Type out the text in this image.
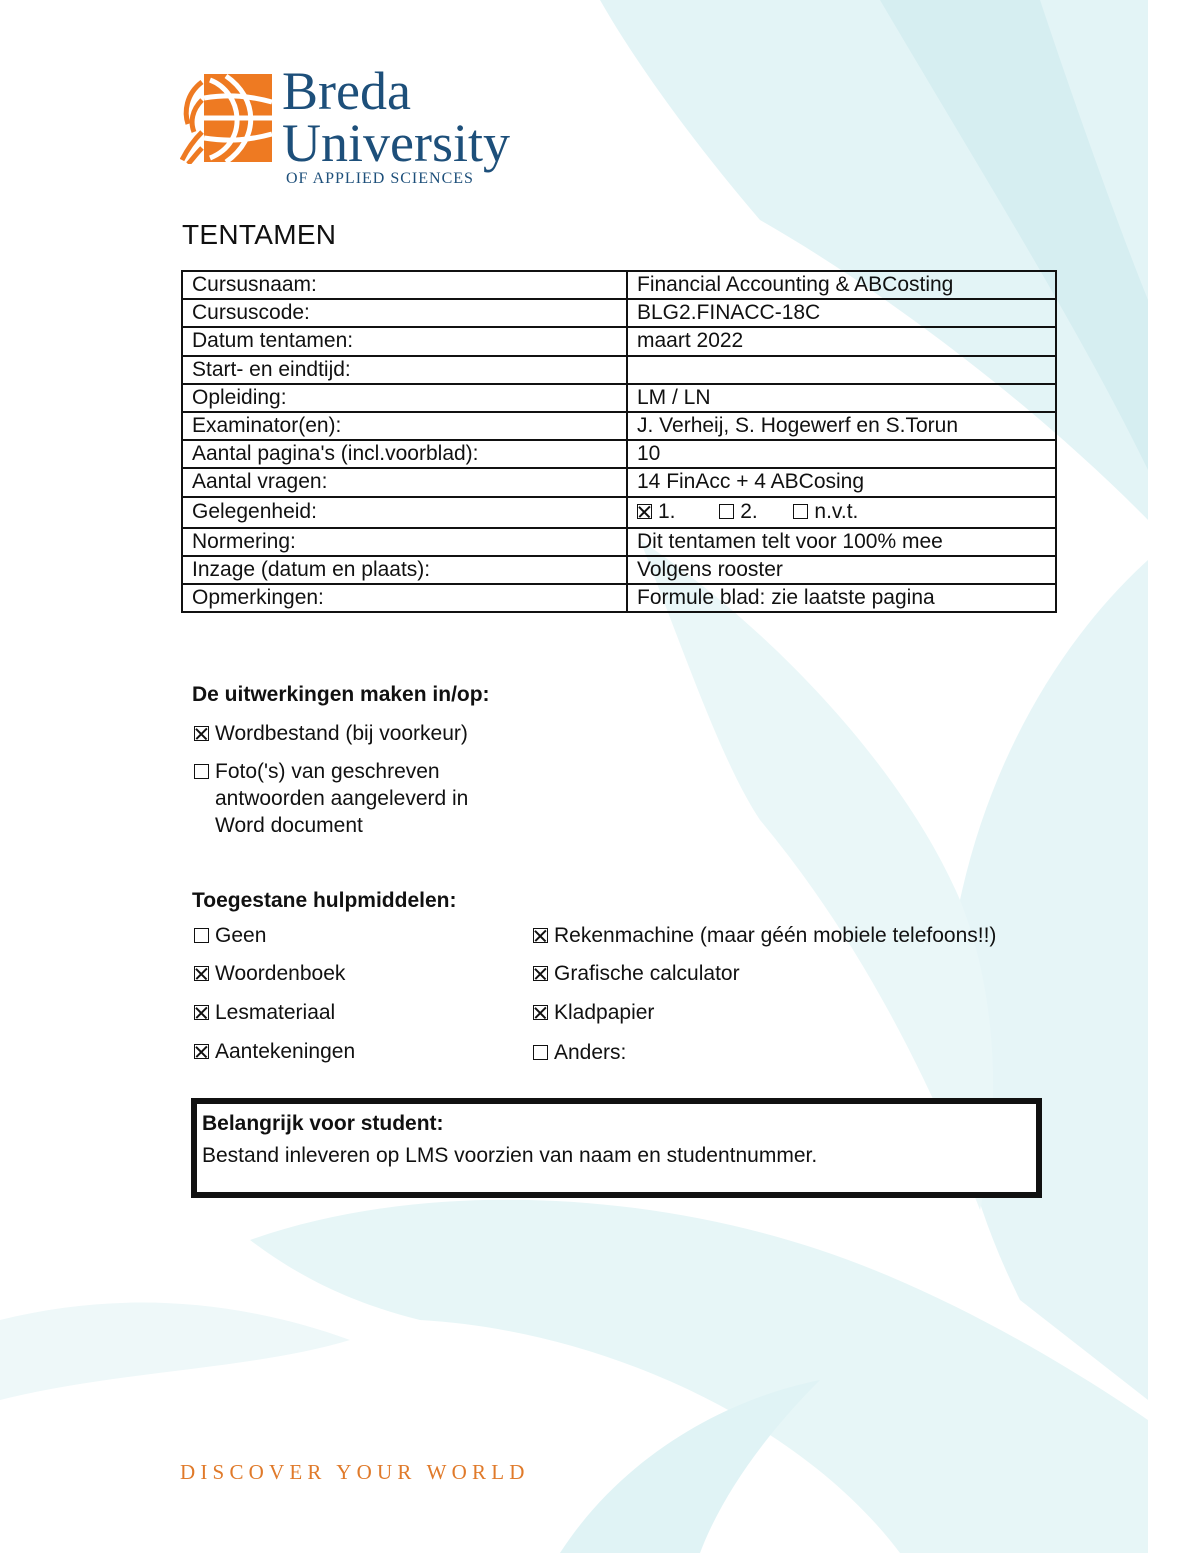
Breda
University
OF APPLIED SCIENCES
TENTAMEN
Cursusnaam:	Financial Accounting & ABCosting
Cursuscode:	BLG2.FINACC-18C
Datum tentamen:	maart 2022
Start- en eindtijd:	
Opleiding:	LM / LN
Examinator(en):	J. Verheij, S. Hogewerf en S.Torun
Aantal pagina's (incl.voorblad):	10
Aantal vragen:	14 FinAcc + 4 ABCosing
Gelegenheid:	1. 2. n.v.t.
Normering:	Dit tentamen telt voor 100% mee
Inzage (datum en plaats):	Volgens rooster
Opmerkingen:	Formule blad: zie laatste pagina
De uitwerkingen maken in/op:
Wordbestand (bij voorkeur)
Foto('s) van geschreven
antwoorden aangeleverd in
Word document
Toegestane hulpmiddelen:
Geen
Woordenboek
Lesmateriaal
Aantekeningen
Rekenmachine (maar géén mobiele telefoons!!)
Grafische calculator
Kladpapier
Anders:
Belangrijk voor student:
Bestand inleveren op LMS voorzien van naam en studentnummer.
DISCOVER YOUR WORLD
